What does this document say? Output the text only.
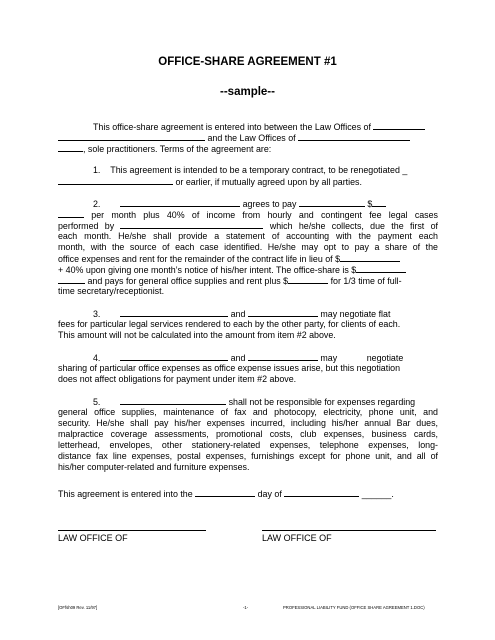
OFFICE-SHARE AGREEMENT #1
--sample--
This office-share agreement is entered into between the Law Offices of
and the Law Offices of
, sole practitioners. Terms of the agreement are:
1. This agreement is intended to be a temporary contract, to be renegotiated _
or earlier, if mutually agreed upon by all parties.
2.	agrees to pay	$
per month plus 40% of income from hourly and contingent fee legal cases
performed by	which he/she collects, due the first of
each month. He/she shall provide a statement of accounting with the payment each
month, with the source of each case identified. He/she may opt to pay a share of the
office expenses and rent for the remainder of the contract life in lieu of $
+ 40% upon giving one month’s notice of his/her intent. The office-share is $
and pays for general office supplies and rent plus $	for 1/3 time of full-
time secretary/receptionist.
3.	and	may negotiate flat
fees for particular legal services rendered to each by the other party, for clients of each.
This amount will not be calculated into the amount from item #2 above.
4.	and	may	negotiate
sharing of particular office expenses as office expense issues arise, but this negotiation
does not affect obligations for payment under item #2 above.
5.	shall not be responsible for expenses regarding
general office supplies, maintenance of fax and photocopy, electricity, phone unit, and
security. He/she shall pay his/her expenses incurred, including his/her annual Bar dues,
malpractice coverage assessments, promotional costs, club expenses, business cards,
letterhead, envelopes, other stationery-related expenses, telephone expenses, long-
distance fax line expenses, postal expenses, furnishings except for phone unit, and all of
his/her computer-related and furniture expenses.
This agreement is entered into the	day of	______.
LAW OFFICE OF	LAW OFFICE OF
[OFfsh09 Rev. 11/97]	-1-	PROFESSIONAL LIABILITY FUND (OFFICE SHARE AGREEMENT 1.DOC)
